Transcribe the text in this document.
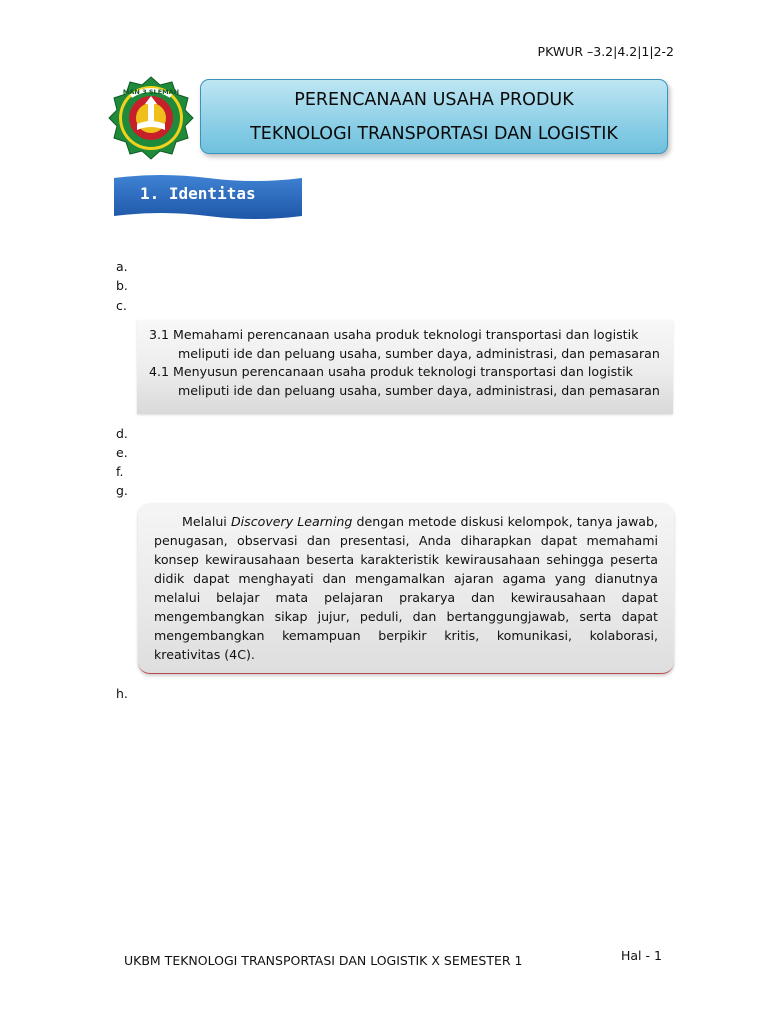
PKWUR –3.2|4.2|1|2-2
MAN 3 SLEMAN	PERENCANAAN USAHA PRODUK
TEKNOLOGI TRANSPORTASI DAN LOGISTIK
1. Identitas
a.
b.
c.
3.1 Memahami perencanaan usaha produk teknologi transportasi dan logistik
meliputi ide dan peluang usaha, sumber daya, administrasi, dan pemasaran
4.1 Menyusun perencanaan usaha produk teknologi transportasi dan logistik
meliputi ide dan peluang usaha, sumber daya, administrasi, dan pemasaran
d.
e.
f.
g.
Melalui Discovery Learning dengan metode diskusi kelompok, tanya jawab, penugasan, observasi dan presentasi, Anda diharapkan dapat memahami konsep kewirausahaan beserta karakteristik kewirausahaan sehingga peserta didik dapat menghayati dan mengamalkan ajaran agama yang dianutnya melalui belajar mata pelajaran prakarya dan kewirausahaan dapat mengembangkan sikap jujur, peduli, dan bertanggungjawab, serta dapat mengembangkan kemampuan berpikir kritis, komunikasi, kolaborasi, kreativitas (4C).
h.
UKBM TEKNOLOGI TRANSPORTASI DAN LOGISTIK X SEMESTER 1	Hal - 1
